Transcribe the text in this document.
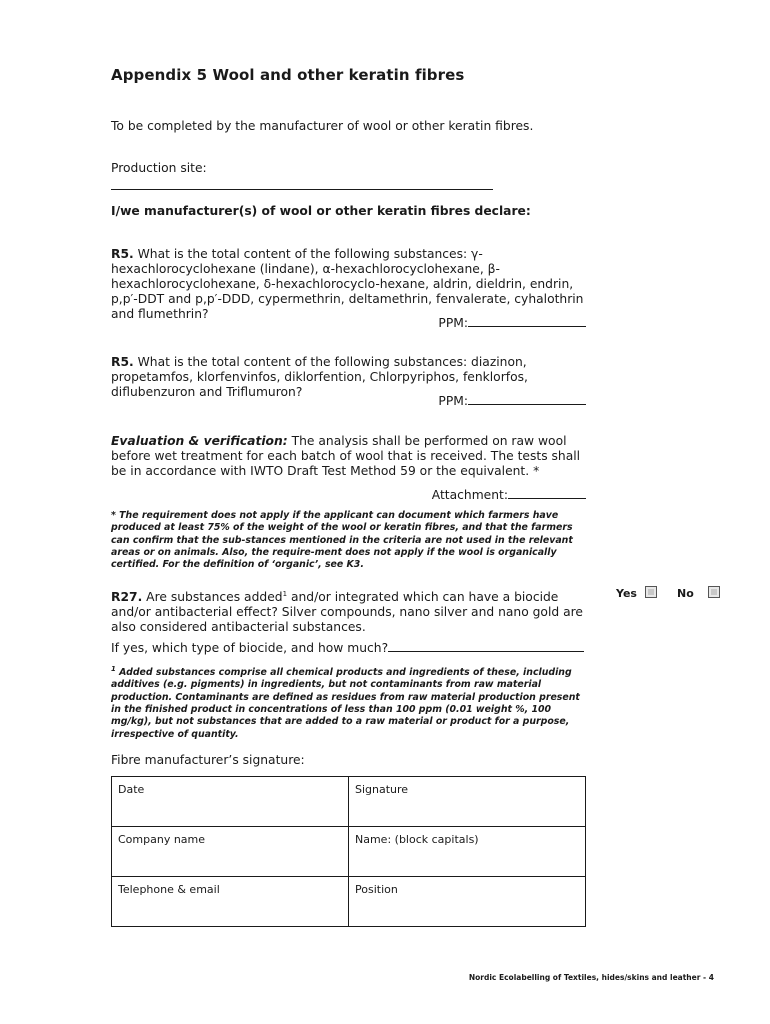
Appendix 5 Wool and other keratin fibres
To be completed by the manufacturer of wool or other keratin fibres.
Production site:
I/we manufacturer(s) of wool or other keratin fibres declare:
R5. What is the total content of the following substances: γ-hexachlorocyclohexane (lindane), α-hexachlorocyclohexane, β-hexachlorocyclohexane, δ-hexachlorocyclo-hexane, aldrin, dieldrin, endrin, p,p′-DDT and p,p′-DDD, cypermethrin, deltamethrin, fenvalerate, cyhalothrin and flumethrin?
PPM:
R5. What is the total content of the following substances: diazinon, propetamfos, klorfenvinfos, diklorfention, Chlorpyriphos, fenklorfos, diflubenzuron and Triflumuron?
PPM:
Evaluation & verification: The analysis shall be performed on raw wool before wet treatment for each batch of wool that is received. The tests shall be in accordance with IWTO Draft Test Method 59 or the equivalent. *
Attachment:
* The requirement does not apply if the applicant can document which farmers have produced at least 75% of the weight of the wool or keratin fibres, and that the farmers can confirm that the sub-stances mentioned in the criteria are not used in the relevant areas or on animals. Also, the require-ment does not apply if the wool is organically certified. For the definition of ‘organic’, see K3.
R27. Are substances added$^1$ and/or integrated which can have a biocide and/or antibacterial effect? Silver compounds, nano silver and nano gold are also considered antibacterial substances.
Yes	No
If yes, which type of biocide, and how much?
$^1$ Added substances comprise all chemical products and ingredients of these, including additives (e.g. pigments) in ingredients, but not contaminants from raw material production. Contaminants are defined as residues from raw material production present in the finished product in concentrations of less than 100 ppm (0.01 weight %, 100 mg/kg), but not substances that are added to a raw material or product for a purpose, irrespective of quantity.
Fibre manufacturer’s signature:
Date	Signature
Company name	Name: (block capitals)
Telephone & email	Position
Nordic Ecolabelling of Textiles, hides/skins and leather - 4
